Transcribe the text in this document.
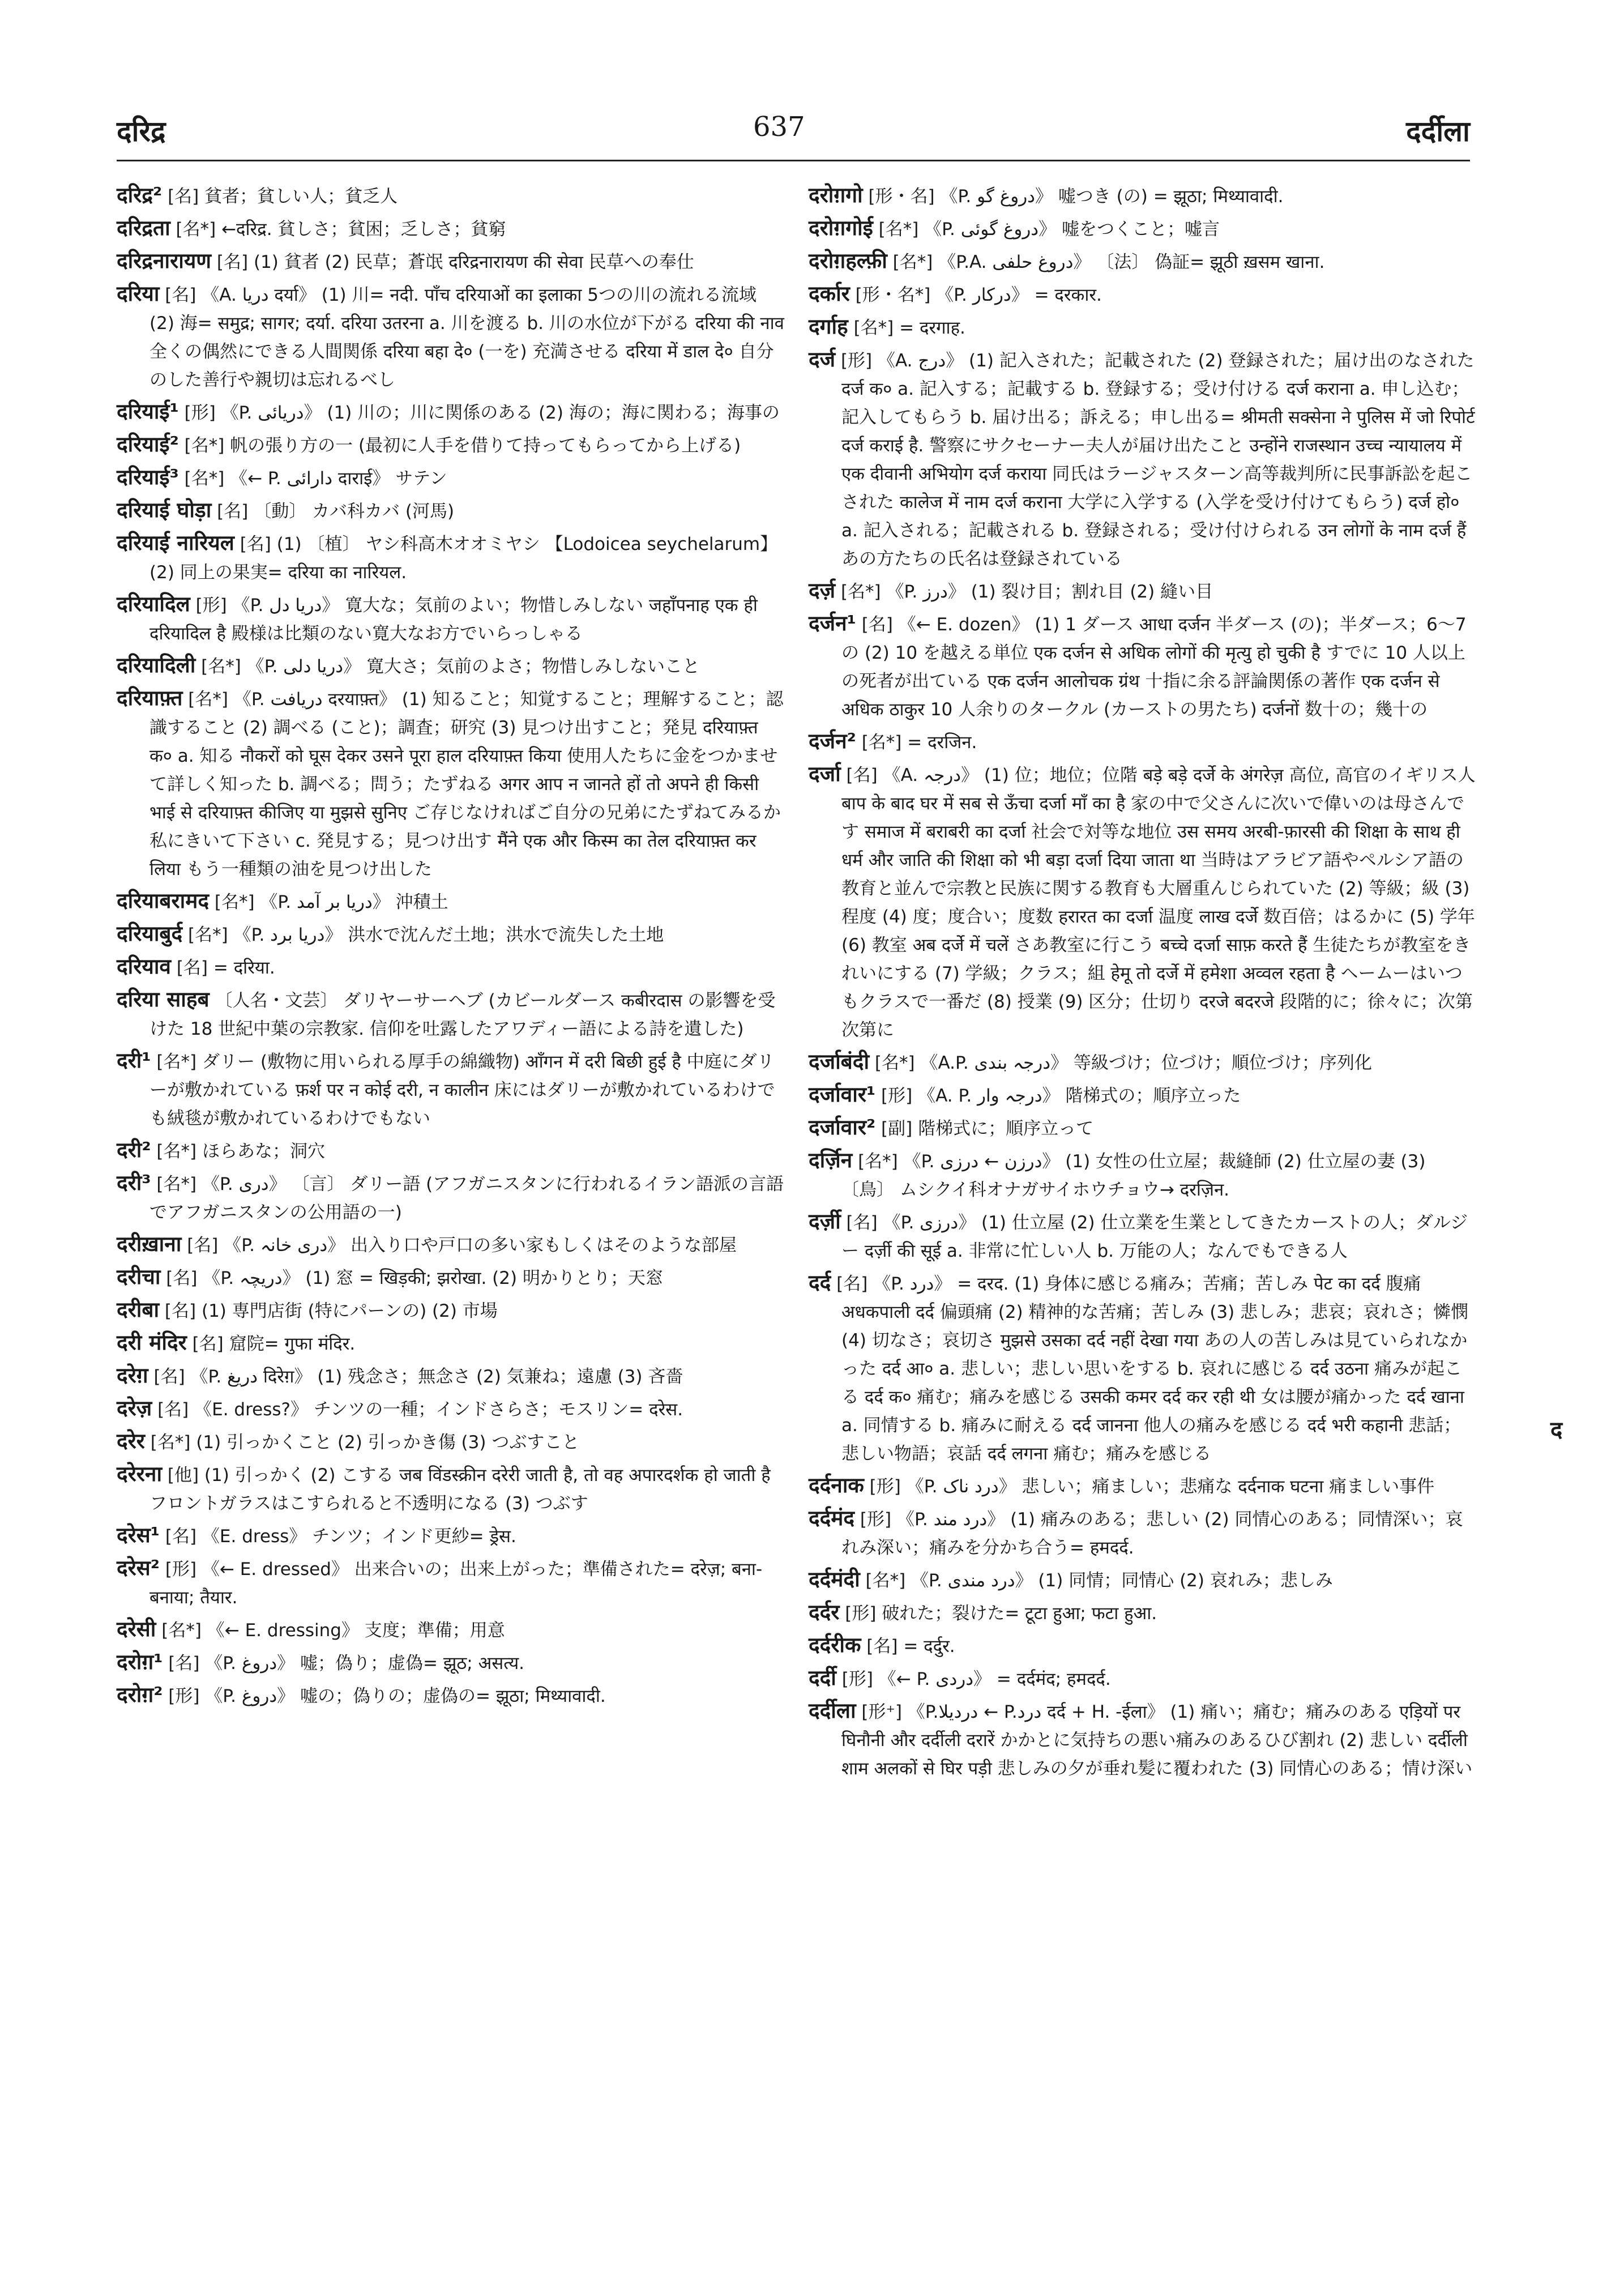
दरिद्र	637	दर्दीला
दरिद्र² [名] 貧者；貧しい人；貧乏人
दरिद्रता [名*] ←दरिद्र. 貧しさ；貧困；乏しさ；貧窮
दरिद्रनारायण [名] (1) 貧者 (2) 民草；蒼氓 दरिद्रनारायण की सेवा 民草への奉仕
दरिया [名] 《A. دریا दर्या》 (1) 川= नदी. पाँच दरियाओं का इलाका 5つの川の流れる流域 (2) 海= समुद्र; सागर; दर्या. दरिया उतरना a. 川を渡る b. 川の水位が下がる दरिया की नाव 全くの偶然にできる人間関係 दरिया बहा दे० (一を) 充満させる दरिया में डाल दे० 自分のした善行や親切は忘れるべし
दरियाई¹ [形] 《P. دریائی》 (1) 川の；川に関係のある (2) 海の；海に関わる；海事の
दरियाई² [名*] 帆の張り方の一 (最初に人手を借りて持ってもらってから上げる)
दरियाई³ [名*] 《← P. دارائی दाराई》 サテン
दरियाई घोड़ा [名] 〔動〕 カバ科カバ (河馬)
दरियाई नारियल [名] (1) 〔植〕 ヤシ科高木オオミヤシ 【Lodoicea seychelarum】 (2) 同上の果実= दरिया का नारियल.
दरियादिल [形] 《P. دریا دل》 寛大な；気前のよい；物惜しみしない जहाँपनाह एक ही दरियादिल है 殿様は比類のない寛大なお方でいらっしゃる
दरियादिली [名*] 《P. دریا دلی》 寛大さ；気前のよさ；物惜しみしないこと
दरियाफ़्त [名*] 《P. دریافت दरयाफ़्त》 (1) 知ること；知覚すること；理解すること；認識すること (2) 調べる (こと)；調査；研究 (3) 見つけ出すこと；発見 दरियाफ़्त क० a. 知る नौकरों को घूस देकर उसने पूरा हाल दरियाफ़्त किया 使用人たちに金をつかませて詳しく知った b. 調べる；問う；たずねる अगर आप न जानते हों तो अपने ही किसी भाई से दरियाफ़्त कीजिए या मुझसे सुनिए ご存じなければご自分の兄弟にたずねてみるか私にきいて下さい c. 発見する；見つけ出す मैंने एक और किस्म का तेल दरियाफ़्त कर लिया もう一種類の油を見つけ出した
दरियाबरामद [名*] 《P. دریا بر آمد》 沖積土
दरियाबुर्द [名*] 《P. دریا برد》 洪水で沈んだ土地；洪水で流失した土地
दरियाव [名] = दरिया.
दरिया साहब 〔人名・文芸〕 ダリヤーサーヘブ (カビールダース कबीरदास の影響を受けた 18 世紀中葉の宗教家. 信仰を吐露したアワディー語による詩を遺した)
दरी¹ [名*] ダリー (敷物に用いられる厚手の綿織物) आँगन में दरी बिछी हुई है 中庭にダリーが敷かれている फ़र्श पर न कोई दरी, न कालीन 床にはダリーが敷かれているわけでも絨毯が敷かれているわけでもない
दरी² [名*] ほらあな；洞穴
दरी³ [名*] 《P. دری》 〔言〕 ダリー語 (アフガニスタンに行われるイラン語派の言語でアフガニスタンの公用語の一)
दरीख़ाना [名] 《P. دری خانہ》 出入り口や戸口の多い家もしくはそのような部屋
दरीचा [名] 《P. دریچہ》 (1) 窓 = खिड़की; झरोखा. (2) 明かりとり；天窓
दरीबा [名] (1) 専門店街 (特にパーンの) (2) 市場
दरी मंदिर [名] 窟院= गुफा मंदिर.
दरेग़ [名] 《P. دریغ दिरेग़》 (1) 残念さ；無念さ (2) 気兼ね；遠慮 (3) 吝嗇
दरेज़ [名] 《E. dress?》 チンツの一種；インドさらさ；モスリン= दरेस.
दरेर [名*] (1) 引っかくこと (2) 引っかき傷 (3) つぶすこと
दरेरना [他] (1) 引っかく (2) こする जब विंडस्क्रीन दरेरी जाती है, तो वह अपारदर्शक हो जाती है フロントガラスはこすられると不透明になる (3) つぶす
दरेस¹ [名] 《E. dress》 チンツ；インド更紗= ड्रेस.
दरेस² [形] 《← E. dressed》 出来合いの；出来上がった；準備された= दरेज़; बना-बनाया; तैयार.
दरेसी [名*] 《← E. dressing》 支度；準備；用意
दरोग़¹ [名] 《P. دروغ》 嘘；偽り；虚偽= झूठ; असत्य.
दरोग़² [形] 《P. دروغ》 嘘の；偽りの；虚偽の= झूठा; मिथ्यावादी.
दरोग़गो [形・名] 《P. دروغ گو》 嘘つき (の) = झूठा; मिथ्यावादी.
दरोग़गोई [名*] 《P. دروغ گوئی》 嘘をつくこと；嘘言
दरोग़हल्फ़ी [名*] 《P.A. دروغ حلفی》 〔法〕 偽証= झूठी ख़सम खाना.
दर्कार [形・名*] 《P. درکار》 = दरकार.
दर्गाह [名*] = दरगाह.
दर्ज [形] 《A. درج》 (1) 記入された；記載された (2) 登録された；届け出のなされた दर्ज क० a. 記入する；記載する b. 登録する；受け付ける दर्ज कराना a. 申し込む；記入してもらう b. 届け出る；訴える；申し出る= श्रीमती सक्सेना ने पुलिस में जो रिपोर्ट दर्ज कराई है. 警察にサクセーナー夫人が届け出たこと उन्होंने राजस्थान उच्च न्यायालय में एक दीवानी अभियोग दर्ज कराया 同氏はラージャスターン高等裁判所に民事訴訟を起こされた कालेज में नाम दर्ज कराना 大学に入学する (入学を受け付けてもらう) दर्ज हो० a. 記入される；記載される b. 登録される；受け付けられる उन लोगों के नाम दर्ज हैं あの方たちの氏名は登録されている
दर्ज़ [名*] 《P. درز》 (1) 裂け目；割れ目 (2) 縫い目
दर्जन¹ [名] 《← E. dozen》 (1) 1 ダース आधा दर्जन 半ダース (の)；半ダース；6～7 の (2) 10 を越える単位 एक दर्जन से अधिक लोगों की मृत्यु हो चुकी है すでに 10 人以上の死者が出ている एक दर्जन आलोचक ग्रंथ 十指に余る評論関係の著作 एक दर्जन से अधिक ठाकुर 10 人余りのタークル (カーストの男たち) दर्जनों 数十の；幾十の
दर्जन² [名*] = दरजिन.
दर्जा [名] 《A. درجہ》 (1) 位；地位；位階 बड़े बड़े दर्जे के अंगरेज़ 高位, 高官のイギリス人 बाप के बाद घर में सब से ऊँचा दर्जा माँ का है 家の中で父さんに次いで偉いのは母さんです समाज में बराबरी का दर्जा 社会で対等な地位 उस समय अरबी-फ़ारसी की शिक्षा के साथ ही धर्म और जाति की शिक्षा को भी बड़ा दर्जा दिया जाता था 当時はアラビア語やペルシア語の教育と並んで宗教と民族に関する教育も大層重んじられていた (2) 等級；級 (3) 程度 (4) 度；度合い；度数 हरारत का दर्जा 温度 लाख दर्जे 数百倍；はるかに (5) 学年 (6) 教室 अब दर्जे में चलें さあ教室に行こう बच्चे दर्जा साफ़ करते हैं 生徒たちが教室をきれいにする (7) 学級；クラス；組 हेमू तो दर्जे में हमेशा अव्वल रहता है ヘームーはいつもクラスで一番だ (8) 授業 (9) 区分；仕切り दरजे बदरजे 段階的に；徐々に；次第次第に
दर्जाबंदी [名*] 《A.P. درجہ بندی》 等級づけ；位づけ；順位づけ；序列化
दर्जावार¹ [形] 《A. P. درجہ وار》 階梯式の；順序立った
दर्जावार² [副] 階梯式に；順序立って
दर्ज़िन [名*] 《P. درزن ← درزی》 (1) 女性の仕立屋；裁縫師 (2) 仕立屋の妻 (3) 〔鳥〕 ムシクイ科オナガサイホウチョウ→ दरज़िन.
दर्ज़ी [名] 《P. درزی》 (1) 仕立屋 (2) 仕立業を生業としてきたカーストの人；ダルジー दर्ज़ी की सूई a. 非常に忙しい人 b. 万能の人；なんでもできる人
दर्द [名] 《P. درد》 = दरद. (1) 身体に感じる痛み；苦痛；苦しみ पेट का दर्द 腹痛 अधकपाली दर्द 偏頭痛 (2) 精神的な苦痛；苦しみ (3) 悲しみ；悲哀；哀れさ；憐憫 (4) 切なさ；哀切さ मुझसे उसका दर्द नहीं देखा गया あの人の苦しみは見ていられなかった दर्द आ० a. 悲しい；悲しい思いをする b. 哀れに感じる दर्द उठना 痛みが起こる दर्द क० 痛む；痛みを感じる उसकी कमर दर्द कर रही थी 女は腰が痛かった दर्द खाना a. 同情する b. 痛みに耐える दर्द जानना 他人の痛みを感じる दर्द भरी कहानी 悲話；悲しい物語；哀話 दर्द लगना 痛む；痛みを感じる
दर्दनाक [形] 《P. درد ناک》 悲しい；痛ましい；悲痛な दर्दनाक घटना 痛ましい事件
दर्दमंद [形] 《P. درد مند》 (1) 痛みのある；悲しい (2) 同情心のある；同情深い；哀れみ深い；痛みを分かち合う= हमदर्द.
दर्दमंदी [名*] 《P. درد مندی》 (1) 同情；同情心 (2) 哀れみ；悲しみ
दर्दर [形] 破れた；裂けた= टूटा हुआ; फटा हुआ.
दर्दरीक [名] = दर्दुर.
दर्दी [形] 《← P. دردی》 = दर्दमंद; हमदर्द.
दर्दीला [形⁺] 《P.دردیلا ← P.درد दर्द + H. -ईला》 (1) 痛い；痛む；痛みのある एड़ियों पर घिनौनी और दर्दीली दरारें かかとに気持ちの悪い痛みのあるひび割れ (2) 悲しい दर्दीली शाम अलकों से घिर पड़ी 悲しみの夕が垂れ髪に覆われた (3) 同情心のある；情け深い
द
